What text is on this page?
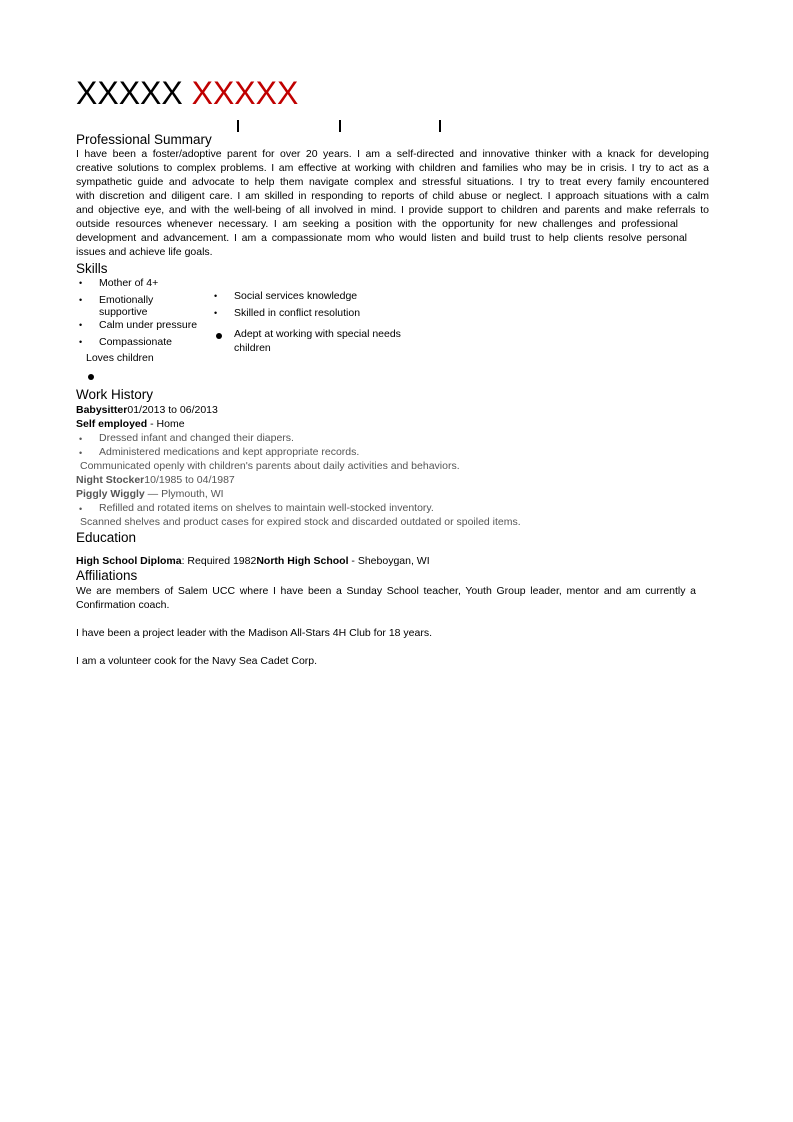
XXXXX XXXXX
Professional Summary
I have been a foster/adoptive parent for over 20 years. I am a self-directed and innovative thinker with a knack for developing
creative solutions to complex problems. I am effective at working with children and families who may be in crisis. I try to act as a
sympathetic guide and advocate to help them navigate complex and stressful situations. I try to treat every family encountered
with discretion and diligent care. I am skilled in responding to reports of child abuse or neglect. I approach situations with a calm
and objective eye, and with the well-being of all involved in mind. I provide support to children and parents and make referrals to
outside resources whenever necessary. I am seeking a position with the opportunity for new challenges and professional
development and advancement. I am a compassionate mom who would listen and build trust to help clients resolve personal
issues and achieve life goals.
Skills
• Mother of 4+
• Emotionally
supportive
• Calm under pressure
• Compassionate
Loves children
• Social services knowledge
• Skilled in conflict resolution
Adept at working with special needs
children
Work History
Babysitter01/2013 to 06/2013
Self employed - Home
• Dressed infant and changed their diapers.
• Administered medications and kept appropriate records.
Communicated openly with children's parents about daily activities and behaviors.
Night Stocker10/1985 to 04/1987
Piggly Wiggly — Plymouth, WI
• Refilled and rotated items on shelves to maintain well-stocked inventory.
Scanned shelves and product cases for expired stock and discarded outdated or spoiled items.
Education
High School Diploma: Required 1982North High School - Sheboygan, WI
Affiliations
We are members of Salem UCC where I have been a Sunday School teacher, Youth Group leader, mentor and am currently a
Confirmation coach.
I have been a project leader with the Madison All-Stars 4H Club for 18 years.
I am a volunteer cook for the Navy Sea Cadet Corp.
